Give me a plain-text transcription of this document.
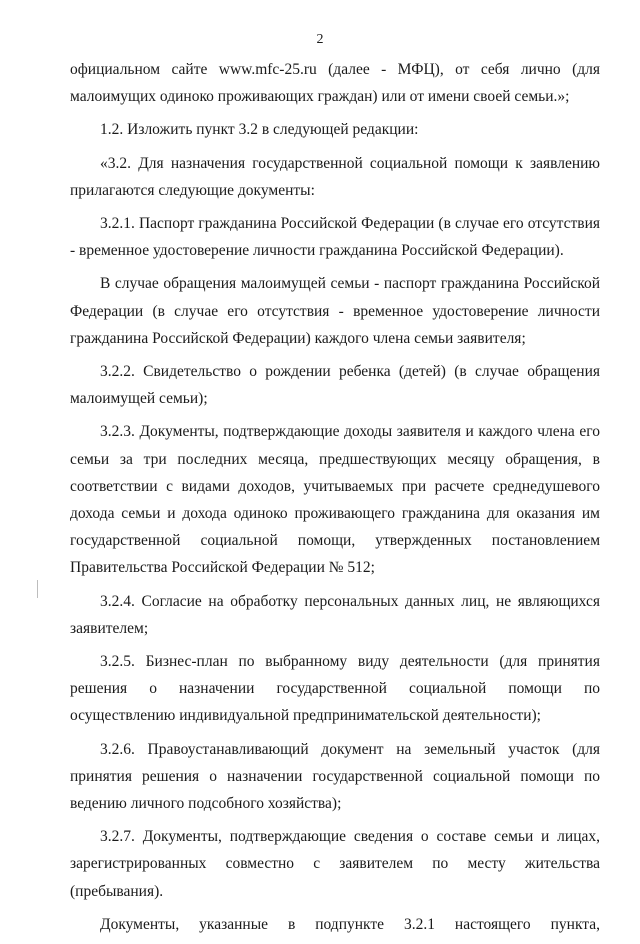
2

официальном сайте www.mfc-25.ru (далее - МФЦ), от себя лично (для малоимущих одиноко проживающих граждан) или от имени своей семьи.»;

1.2. Изложить пункт 3.2 в следующей редакции:

«3.2. Для назначения государственной социальной помощи к заявлению прилагаются следующие документы:

3.2.1. Паспорт гражданина Российской Федерации (в случае его отсутствия - временное удостоверение личности гражданина Российской Федерации).

В случае обращения малоимущей семьи - паспорт гражданина Российской Федерации (в случае его отсутствия - временное удостоверение личности гражданина Российской Федерации) каждого члена семьи заявителя;

3.2.2. Свидетельство о рождении ребенка (детей) (в случае обращения малоимущей семьи);

3.2.3. Документы, подтверждающие доходы заявителя и каждого члена его семьи за три последних месяца, предшествующих месяцу обращения, в соответствии с видами доходов, учитываемых при расчете среднедушевого дохода семьи и дохода одиноко проживающего гражданина для оказания им государственной социальной помощи, утвержденных постановлением Правительства Российской Федерации № 512;

3.2.4. Согласие на обработку персональных данных лиц, не являющихся заявителем;

3.2.5. Бизнес-план по выбранному виду деятельности (для принятия решения о назначении государственной социальной помощи по осуществлению индивидуальной предпринимательской деятельности);

3.2.6. Правоустанавливающий документ на земельный участок (для принятия решения о назначении государственной социальной помощи по ведению личного подсобного хозяйства);

3.2.7. Документы, подтверждающие сведения о составе семьи и лицах, зарегистрированных совместно с заявителем по месту жительства (пребывания).

Документы, указанные в подпункте 3.2.1 настоящего пункта,
